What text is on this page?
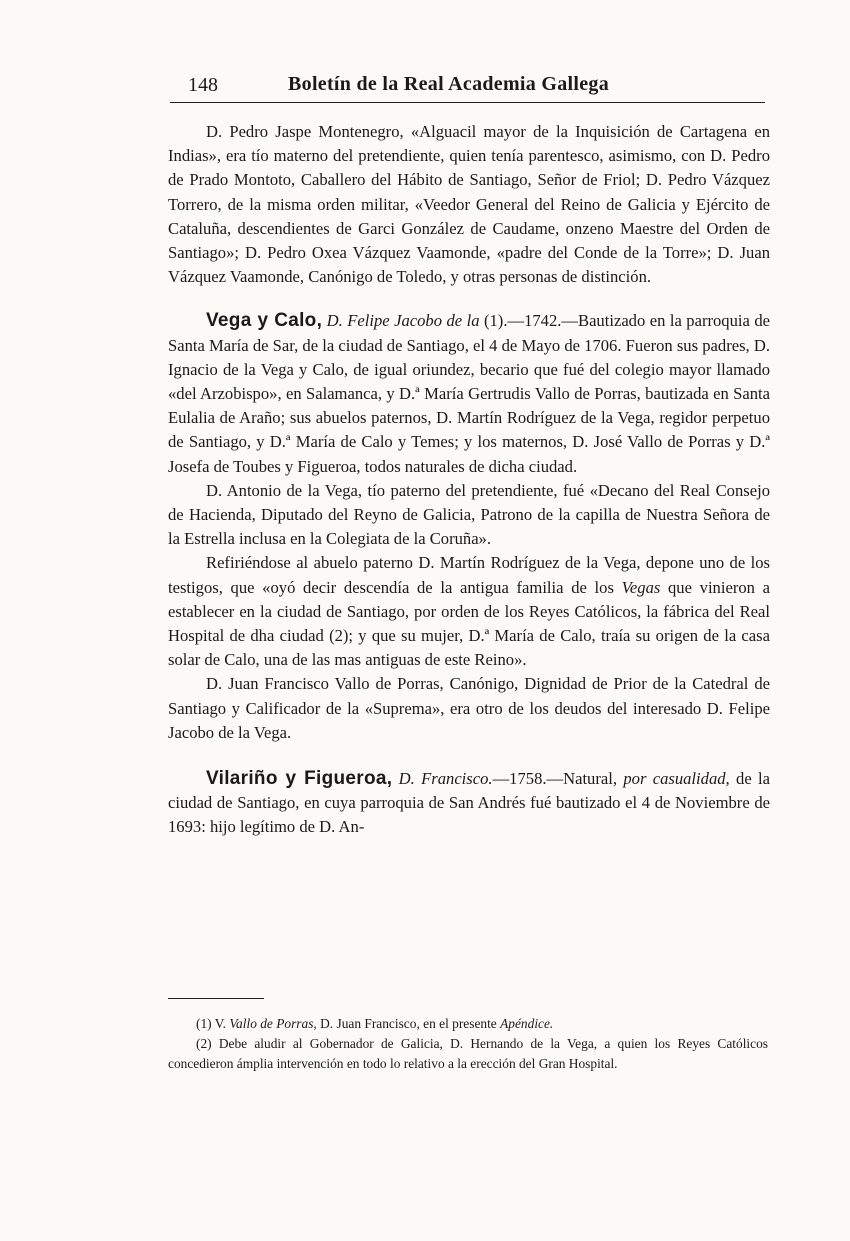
148	Boletín de la Real Academia Gallega

D. Pedro Jaspe Montenegro, «Alguacil mayor de la Inquisición de Cartagena en Indias», era tío materno del pretendiente, quien tenía parentesco, asimismo, con D. Pedro de Prado Montoto, Caballero del Hábito de Santiago, Señor de Friol; D. Pedro Vázquez Torrero, de la misma orden militar, «Veedor General del Reino de Galicia y Ejército de Cataluña, descendientes de Garci González de Caudame, onzeno Maestre del Orden de Santiago»; D. Pedro Oxea Vázquez Vaamonde, «padre del Conde de la Torre»; D. Juan Vázquez Vaamonde, Canónigo de Toledo, y otras personas de distinción.

Vega y Calo, D. Felipe Jacobo de la (1).—1742.—Bautizado en la parroquia de Santa María de Sar, de la ciudad de Santiago, el 4 de Mayo de 1706. Fueron sus padres, D. Ignacio de la Vega y Calo, de igual oriundez, becario que fué del colegio mayor llamado «del Arzobispo», en Salamanca, y D.ª María Gertrudis Vallo de Porras, bautizada en Santa Eulalia de Araño; sus abuelos paternos, D. Martín Rodríguez de la Vega, regidor perpetuo de Santiago, y D.ª María de Calo y Temes; y los maternos, D. José Vallo de Porras y D.ª Josefa de Toubes y Figueroa, todos naturales de dicha ciudad.

D. Antonio de la Vega, tío paterno del pretendiente, fué «Decano del Real Consejo de Hacienda, Diputado del Reyno de Galicia, Patrono de la capilla de Nuestra Señora de la Estrella inclusa en la Colegiata de la Coruña».

Refiriéndose al abuelo paterno D. Martín Rodríguez de la Vega, depone uno de los testigos, que «oyó decir descendía de la antigua familia de los Vegas que vinieron a establecer en la ciudad de Santiago, por orden de los Reyes Católicos, la fábrica del Real Hospital de dha ciudad (2); y que su mujer, D.ª María de Calo, traía su origen de la casa solar de Calo, una de las mas antiguas de este Reino».

D. Juan Francisco Vallo de Porras, Canónigo, Dignidad de Prior de la Catedral de Santiago y Calificador de la «Suprema», era otro de los deudos del interesado D. Felipe Jacobo de la Vega.

Vilariño y Figueroa, D. Francisco.—1758.—Natural, por casualidad, de la ciudad de Santiago, en cuya parroquia de San Andrés fué bautizado el 4 de Noviembre de 1693: hijo legítimo de D. An-

(1) V. Vallo de Porras, D. Juan Francisco, en el presente Apéndice.

(2) Debe aludir al Gobernador de Galicia, D. Hernando de la Vega, a quien los Reyes Católicos concedieron ámplia intervención en todo lo relativo a la erección del Gran Hospital.
